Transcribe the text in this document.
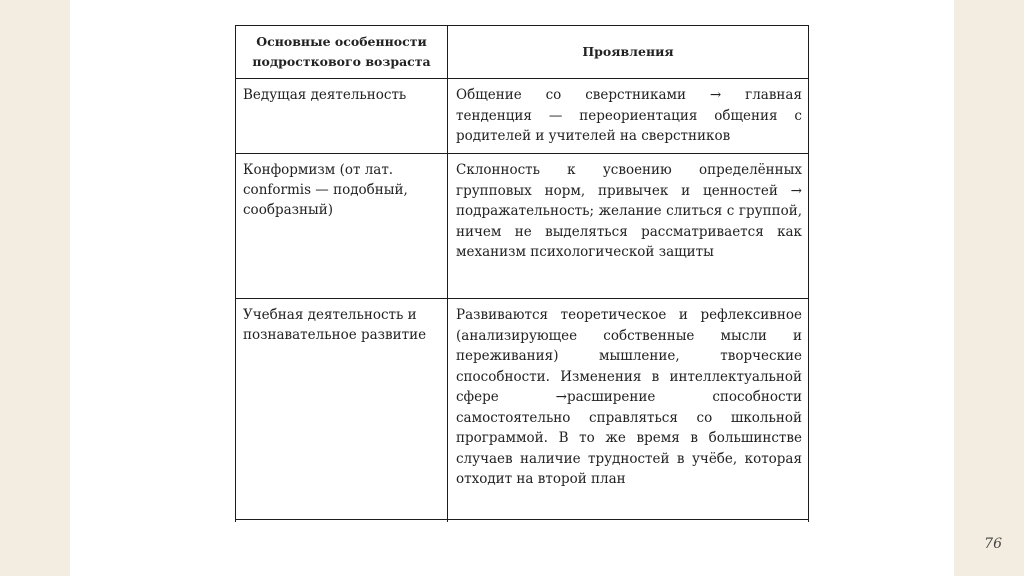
Основные особенности подросткового возраста	Проявления
Ведущая деятельность	Общение со сверстниками → главная тенденция — переориентация общения с родителей и учителей на сверстников
Конформизм (от лат. conformis — подобный, сообразный)	Склонность к усвоению определённых групповых норм, привычек и ценностей → подражательность; желание слиться с группой, ничем не выделяться рассматривается как механизм психологической защиты
Учебная деятельность и познавательное развитие	Развиваются теоретическое и рефлексивное (анализирующее собственные мысли и переживания) мышление, творческие способности. Изменения в интеллектуальной сфере →расширение способности самостоятельно справляться со школьной программой. В то же время в большинстве случаев наличие трудностей в учёбе, которая отходит на второй план

76
